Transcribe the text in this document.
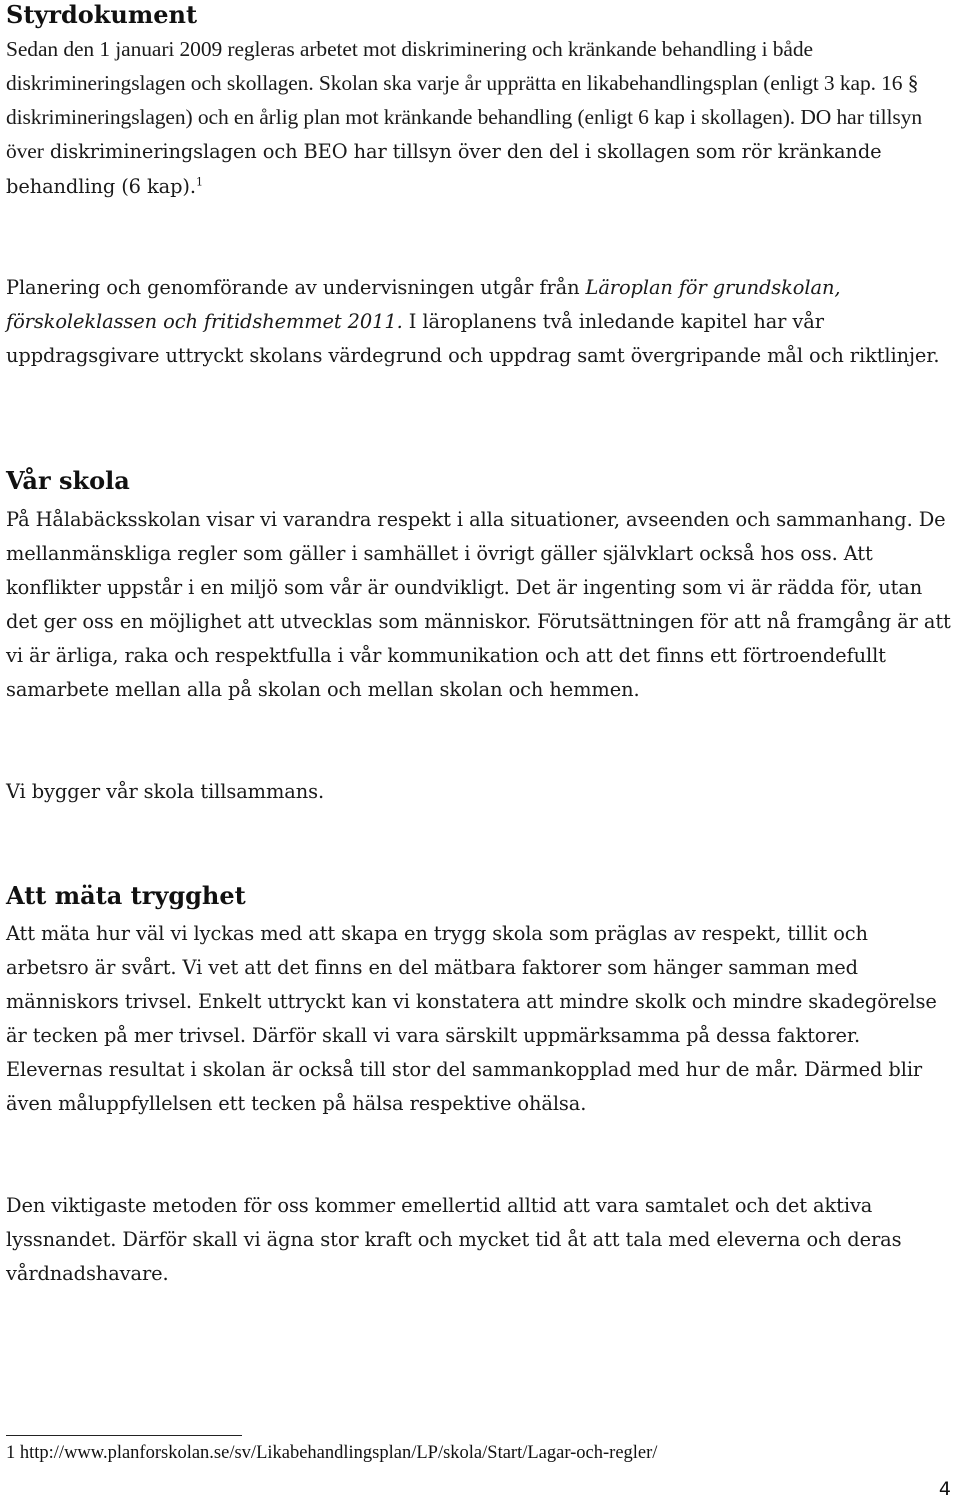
Styrdokument

Sedan den 1 januari 2009 regleras arbetet mot diskriminering och kränkande behandling i både diskrimineringslagen och skollagen. Skolan ska varje år upprätta en likabehandlingsplan (enligt 3 kap. 16 § diskrimineringslagen) och en årlig plan mot kränkande behandling (enligt 6 kap i skollagen). DO har tillsyn över diskrimineringslagen och BEO har tillsyn över den del i skollagen som rör kränkande behandling (6 kap).$^1$

Planering och genomförande av undervisningen utgår från Läroplan för grundskolan, förskoleklassen och fritidshemmet 2011. I läroplanens två inledande kapitel har vår uppdragsgivare uttryckt skolans värdegrund och uppdrag samt övergripande mål och riktlinjer.

Vår skola

På Hålabäcksskolan visar vi varandra respekt i alla situationer, avseenden och sammanhang. De mellanmänskliga regler som gäller i samhället i övrigt gäller självklart också hos oss. Att konflikter uppstår i en miljö som vår är oundvikligt. Det är ingenting som vi är rädda för, utan det ger oss en möjlighet att utvecklas som människor. Förutsättningen för att nå framgång är att vi är ärliga, raka och respektfulla i vår kommunikation och att det finns ett förtroendefullt samarbete mellan alla på skolan och mellan skolan och hemmen.

Vi bygger vår skola tillsammans.

Att mäta trygghet

Att mäta hur väl vi lyckas med att skapa en trygg skola som präglas av respekt, tillit och arbetsro är svårt. Vi vet att det finns en del mätbara faktorer som hänger samman med människors trivsel. Enkelt uttryckt kan vi konstatera att mindre skolk och mindre skadegörelse är tecken på mer trivsel. Därför skall vi vara särskilt uppmärksamma på dessa faktorer. Elevernas resultat i skolan är också till stor del sammankopplad med hur de mår. Därmed blir även måluppfyllelsen ett tecken på hälsa respektive ohälsa.

Den viktigaste metoden för oss kommer emellertid alltid att vara samtalet och det aktiva lyssnandet. Därför skall vi ägna stor kraft och mycket tid åt att tala med eleverna och deras vårdnadshavare.

1 http://www.planforskolan.se/sv/Likabehandlingsplan/LP/skola/Start/Lagar-och-regler/
4
